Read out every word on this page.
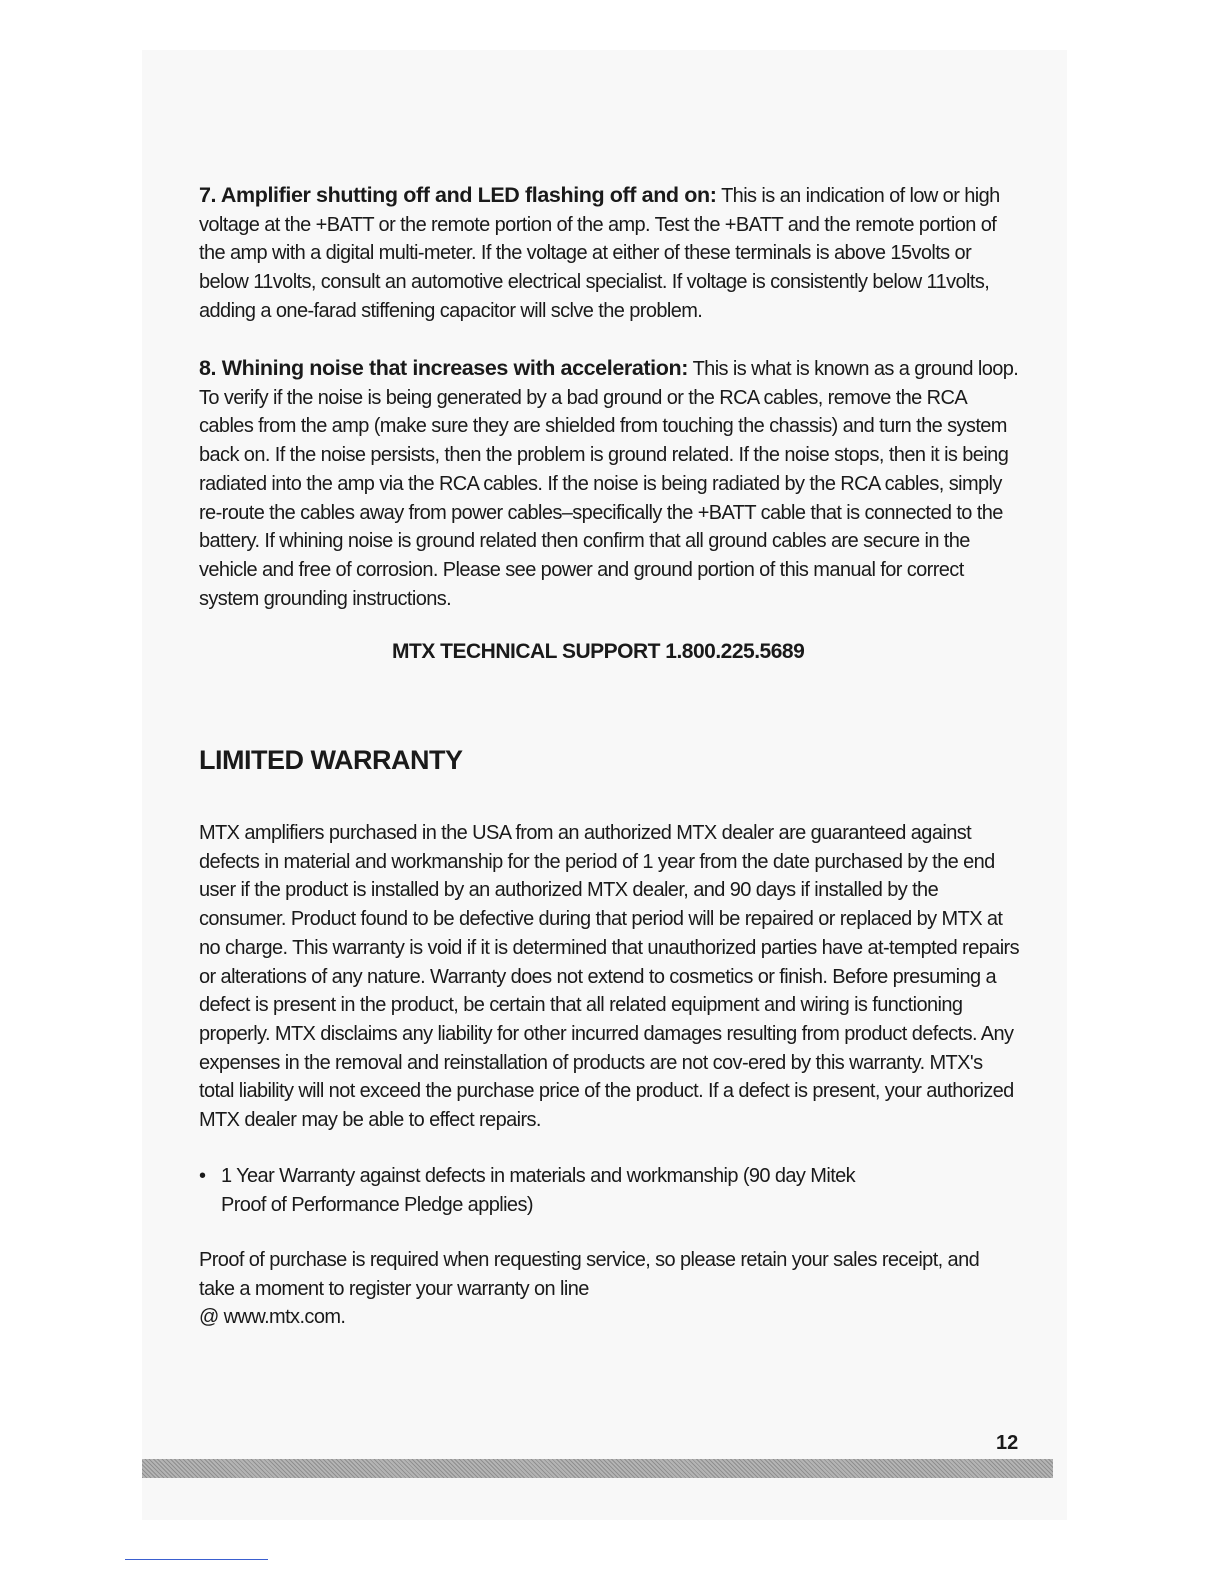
7. Amplifier shutting off and LED flashing off and on: This is an indication of low or high voltage at the +BATT or the remote portion of the amp. Test the +BATT and the remote portion of the amp with a digital multi-meter. If the voltage at either of these terminals is above 15volts or below 11volts, consult an automotive electrical specialist. If voltage is consistently below 11volts, adding a one-farad stiffening capacitor will sclve the problem.
8. Whining noise that increases with acceleration: This is what is known as a ground loop. To verify if the noise is being generated by a bad ground or the RCA cables, remove the RCA cables from the amp (make sure they are shielded from touching the chassis) and turn the system back on. If the noise persists, then the problem is ground related. If the noise stops, then it is being radiated into the amp via the RCA cables. If the noise is being radiated by the RCA cables, simply re-route the cables away from power cables–specifically the +BATT cable that is connected to the battery. If whining noise is ground related then confirm that all ground cables are secure in the vehicle and free of corrosion. Please see power and ground portion of this manual for correct system grounding instructions.
MTX TECHNICAL SUPPORT 1.800.225.5689
LIMITED WARRANTY
MTX amplifiers purchased in the USA from an authorized MTX dealer are guaranteed against defects in material and workmanship for the period of 1 year from the date purchased by the end user if the product is installed by an authorized MTX dealer, and 90 days if installed by the consumer. Product found to be defective during that period will be repaired or replaced by MTX at no charge. This warranty is void if it is determined that unauthorized parties have at-tempted repairs or alterations of any nature. Warranty does not extend to cosmetics or finish. Before presuming a defect is present in the product, be certain that all related equipment and wiring is functioning properly. MTX disclaims any liability for other incurred damages resulting from product defects. Any expenses in the removal and reinstallation of products are not cov-ered by this warranty. MTX's total liability will not exceed the purchase price of the product. If a defect is present, your authorized MTX dealer may be able to effect repairs.
• 1 Year Warranty against defects in materials and workmanship (90 day Mitek
Proof of Performance Pledge applies)
Proof of purchase is required when requesting service, so please retain your sales receipt, and take a moment to register your warranty on line
@ www.mtx.com.
12
